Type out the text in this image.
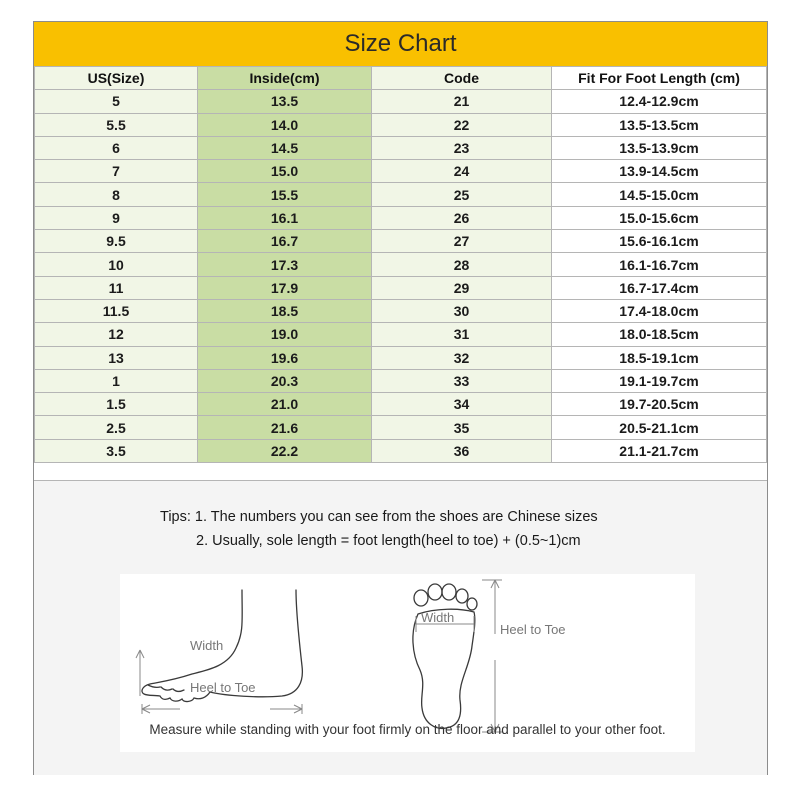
Size Chart
US(Size)	Inside(cm)	Code	Fit For Foot Length (cm)
5	13.5	21	12.4-12.9cm
5.5	14.0	22	13.5-13.5cm
6	14.5	23	13.5-13.9cm
7	15.0	24	13.9-14.5cm
8	15.5	25	14.5-15.0cm
9	16.1	26	15.0-15.6cm
9.5	16.7	27	15.6-16.1cm
10	17.3	28	16.1-16.7cm
11	17.9	29	16.7-17.4cm
11.5	18.5	30	17.4-18.0cm
12	19.0	31	18.0-18.5cm
13	19.6	32	18.5-19.1cm
1	20.3	33	19.1-19.7cm
1.5	21.0	34	19.7-20.5cm
2.5	21.6	35	20.5-21.1cm
3.5	22.2	36	21.1-21.7cm
Tips: 1. The numbers you can see from the shoes are Chinese sizes
2. Usually, sole length = foot length(heel to toe) + (0.5~1)cm
Width
Heel to Toe
Width
Heel to Toe
Measure while standing with your foot firmly on the floor and parallel to your other foot.
